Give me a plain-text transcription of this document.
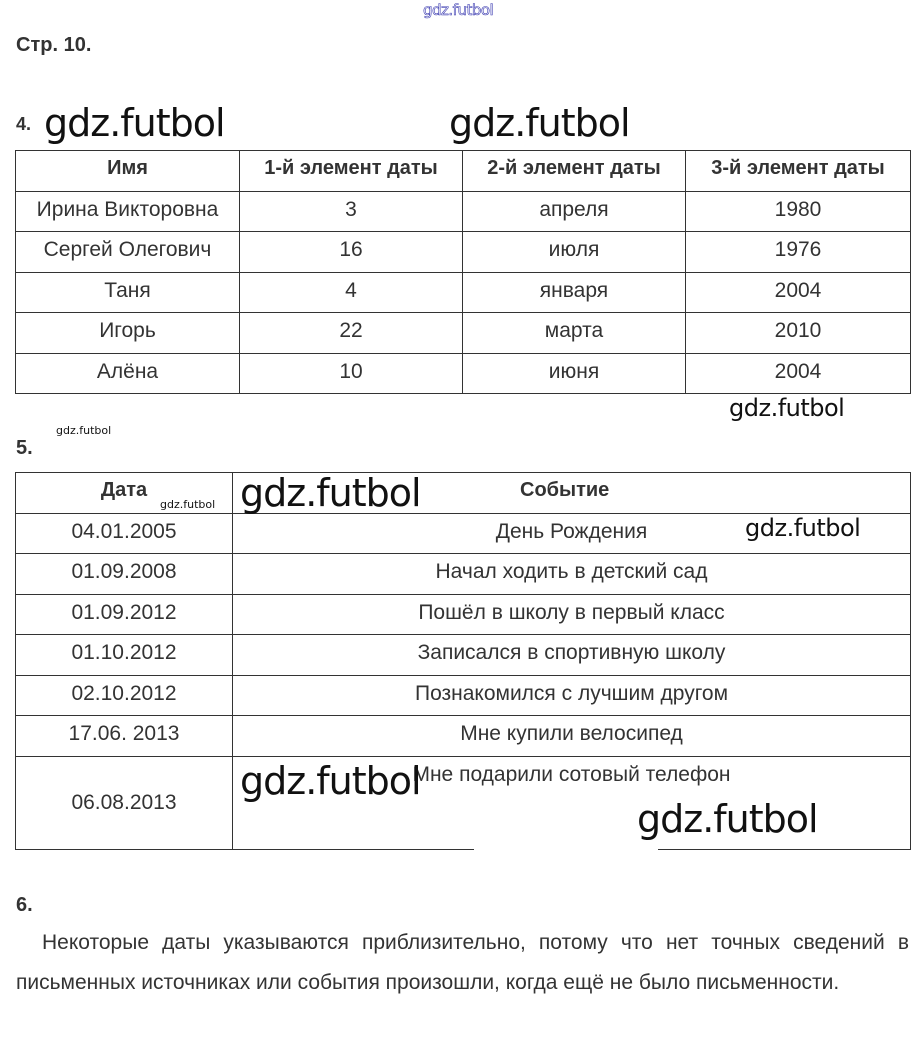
gdz.futbol
Стр. 10.
4.
Имя	1-й элемент даты	2-й элемент даты	3-й элемент даты
Ирина Викторовна	3	апреля	1980
Сергей Олегович	16	июля	1976
Таня	4	января	2004
Игорь	22	марта	2010
Алёна	10	июня	2004
gdz.futbol	gdz.futbol
gdz.futbol
5.
gdz.futbol
Дата	Событие
04.01.2005	День Рождения
01.09.2008	Начал ходить в детский сад
01.09.2012	Пошёл в школу в первый класс
01.10.2012	Записался в спортивную школу
02.10.2012	Познакомился с лучшим другом
17.06. 2013	Мне купили велосипед
06.08.2013	Мне подарили сотовый телефон
gdz.futbol gdz.futbol
gdz.futbol
gdz.futbol
gdz.futbol
6.
Некоторые даты указываются приблизительно, потому что нет точных сведений в письменных источниках или события произошли, когда ещё не было письменности.
